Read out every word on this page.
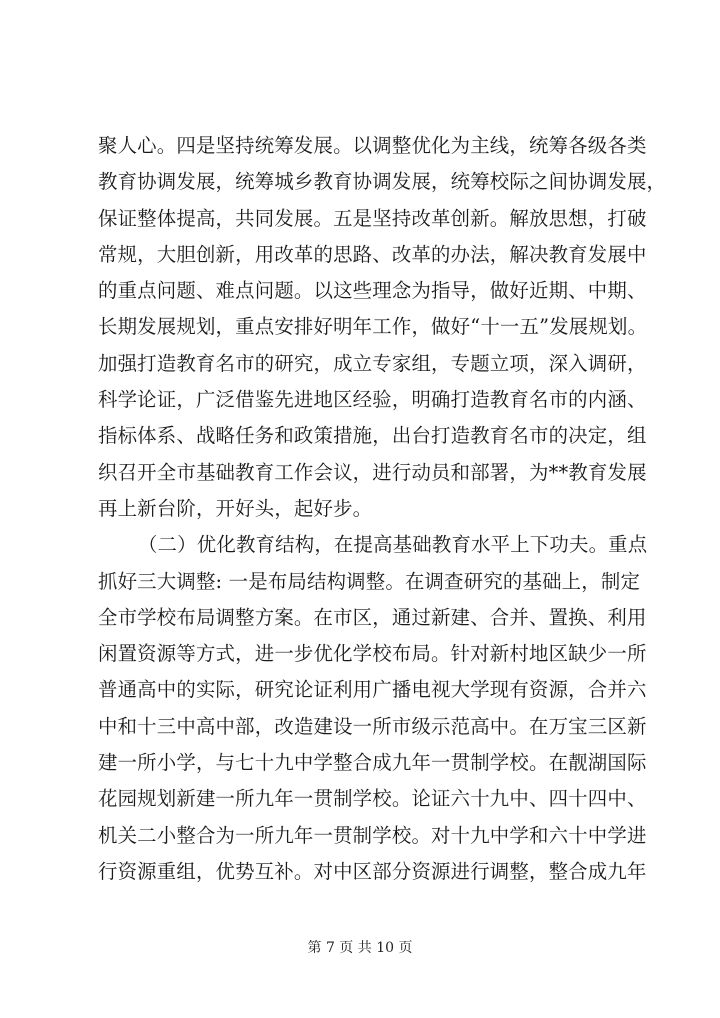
聚人心。四是坚持统筹发展。以调整优化为主线，统筹各级各类
教育协调发展，统筹城乡教育协调发展，统筹校际之间协调发展，
保证整体提高，共同发展。五是坚持改革创新。解放思想，打破
常规，大胆创新，用改革的思路、改革的办法，解决教育发展中
的重点问题、难点问题。以这些理念为指导，做好近期、中期、
长期发展规划，重点安排好明年工作，做好“十一五”发展规划。
加强打造教育名市的研究，成立专家组，专题立项，深入调研，
科学论证，广泛借鉴先进地区经验，明确打造教育名市的内涵、
指标体系、战略任务和政策措施，出台打造教育名市的决定，组
织召开全市基础教育工作会议，进行动员和部署，为**教育发展
再上新台阶，开好头，起好步。
（二）优化教育结构，在提高基础教育水平上下功夫。重点
抓好三大调整: 一是布局结构调整。在调查研究的基础上，制定
全市学校布局调整方案。在市区，通过新建、合并、置换、利用
闲置资源等方式，进一步优化学校布局。针对新村地区缺少一所
普通高中的实际，研究论证利用广播电视大学现有资源，合并六
中和十三中高中部，改造建设一所市级示范高中。在万宝三区新
建一所小学，与七十九中学整合成九年一贯制学校。在靓湖国际
花园规划新建一所九年一贯制学校。论证六十九中、四十四中、
机关二小整合为一所九年一贯制学校。对十九中学和六十中学进
行资源重组，优势互补。对中区部分资源进行调整，整合成九年
第 7 页 共 10 页
